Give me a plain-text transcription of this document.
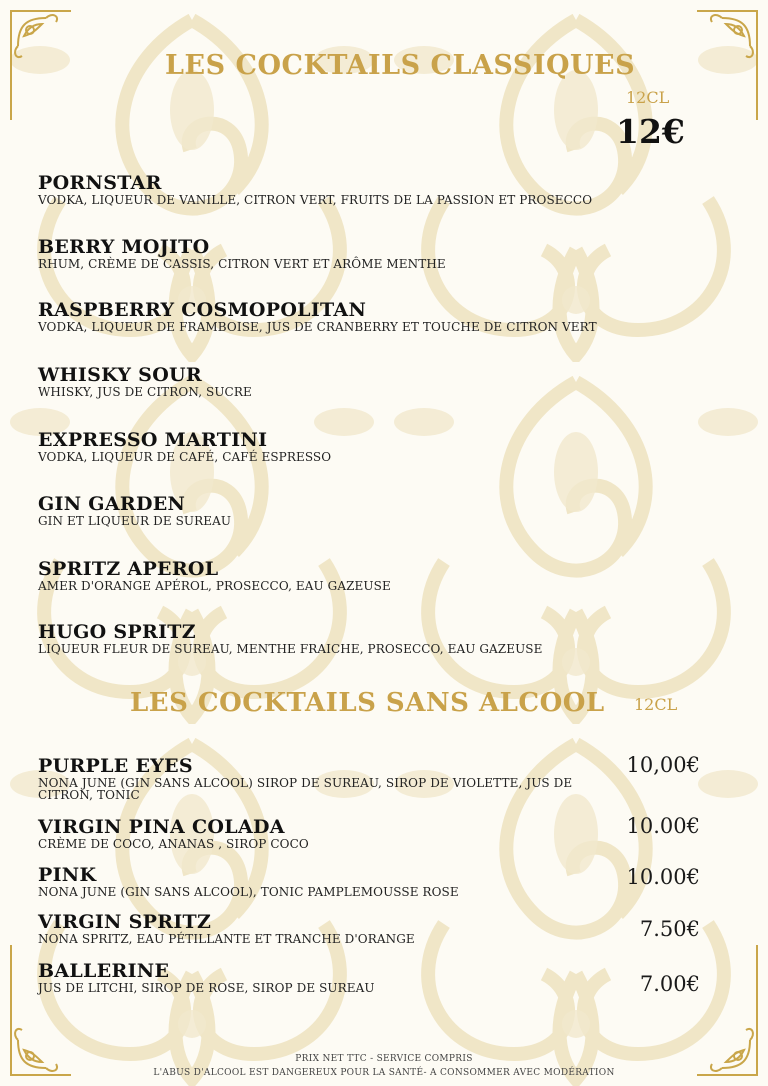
LES COCKTAILS CLASSIQUES
12CL
12€
PORNSTAR
VODKA, LIQUEUR DE VANILLE, CITRON VERT, FRUITS DE LA PASSION ET PROSECCO
BERRY MOJITO
RHUM, CRÈME DE CASSIS, CITRON VERT ET ARÔME MENTHE
RASPBERRY COSMOPOLITAN
VODKA, LIQUEUR DE FRAMBOISE, JUS DE CRANBERRY ET TOUCHE DE CITRON VERT
WHISKY SOUR
WHISKY, JUS DE CITRON, SUCRE
EXPRESSO MARTINI
VODKA, LIQUEUR DE CAFÉ, CAFÉ ESPRESSO
GIN GARDEN
GIN ET LIQUEUR DE SUREAU
SPRITZ APEROL
AMER D'ORANGE APÉROL, PROSECCO, EAU GAZEUSE
HUGO SPRITZ
LIQUEUR FLEUR DE SUREAU, MENTHE FRAICHE, PROSECCO, EAU GAZEUSE
LES COCKTAILS SANS ALCOOL 12CL
PURPLE EYES
NONA JUNE (GIN SANS ALCOOL) SIROP DE SUREAU, SIROP DE VIOLETTE, JUS DE CITRON, TONIC
10,00€
VIRGIN PINA COLADA
CRÈME DE COCO, ANANAS , SIROP COCO
10.00€
PINK
NONA JUNE (GIN SANS ALCOOL), TONIC PAMPLEMOUSSE ROSE
10.00€
VIRGIN SPRITZ
NONA SPRITZ, EAU PÉTILLANTE ET TRANCHE D'ORANGE	7.50€
BALLERINE
JUS DE LITCHI, SIROP DE ROSE, SIROP DE SUREAU	7.00€
PRIX NET TTC - SERVICE COMPRIS
L'ABUS D'ALCOOL EST DANGEREUX POUR LA SANTÉ- A CONSOMMER AVEC MODÉRATION
